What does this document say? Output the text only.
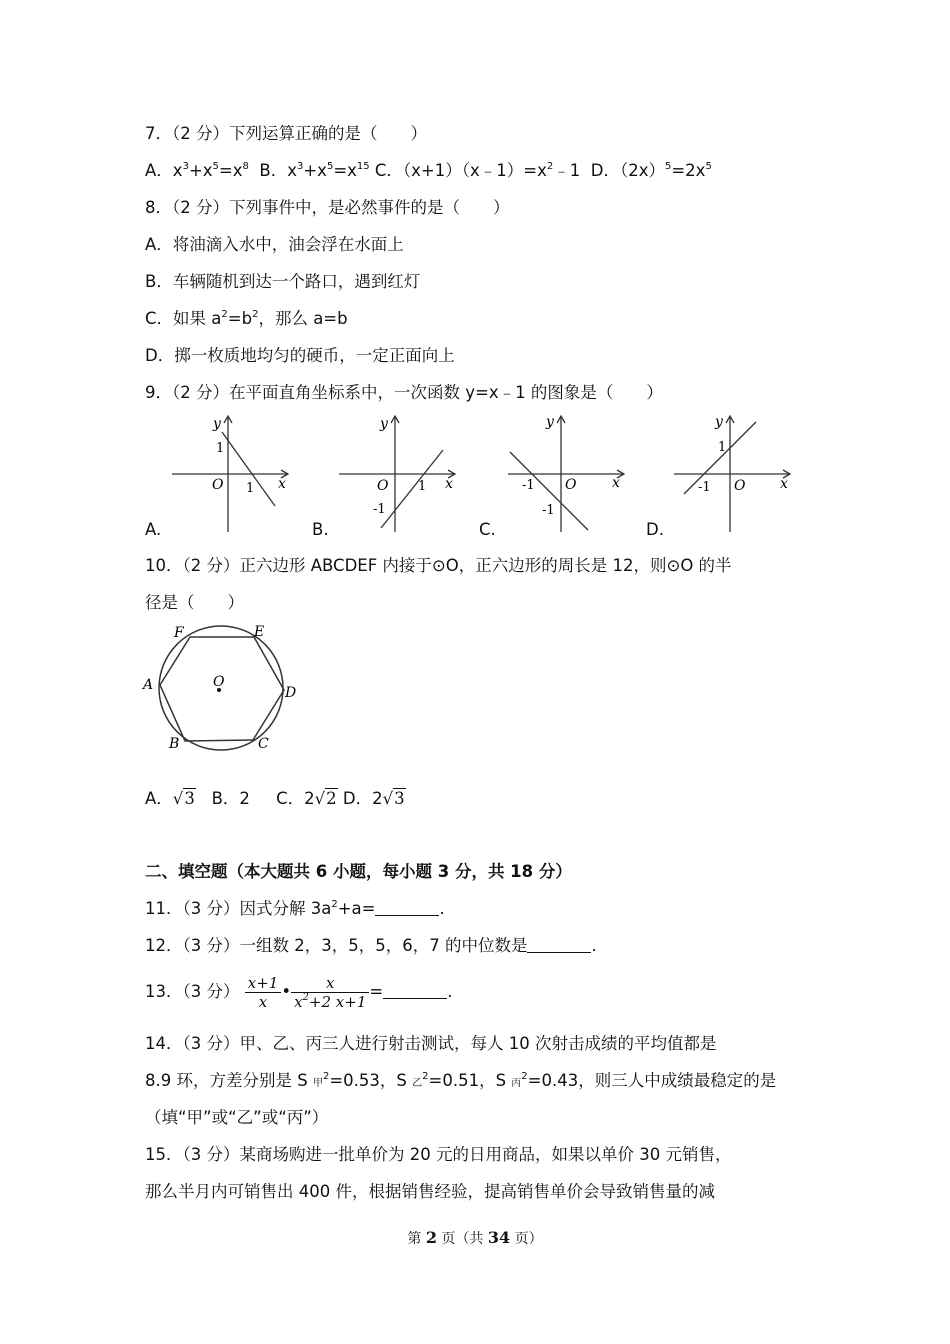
7．（2 分）下列运算正确的是（　　）
A．$x^3+x^5=x^8$ B．$x^3+x^5=x^{15}$ C．$(x+1)(x﹣1)=x^2﹣1$ D．$(2x)^5=2x^5$
8．（2 分）下列事件中，是必然事件的是（　　）
A．将油滴入水中，油会浮在水面上
B．车辆随机到达一个路口，遇到红灯
C．如果 $a^2=b^2$，那么 a=b
D．掷一枚质地均匀的硬币，一定正面向上
9．（2 分）在平面直角坐标系中，一次函数 y=x﹣1 的图象是（　　）
y
x
O
1
1
A.
y
x
O
-1
1
B.
y
x
O
-1
-1
C.
y
x
O
1
-1
D.
10．（2 分）正六边形 ABCDEF 内接于⊙O，正六边形的周长是 12，则⊙O 的半
径是（　　）
F	E
A	D
B	C
O
A．√3 B．2 C．2√2 D．2√3
二、填空题（本大题共 6 小题，每小题 3 分，共 18 分）
11．（3 分）因式分解 $3a^2+a=$	.
12．（3 分）一组数 2，3，5，5，6，7 的中位数是	.
13．（3 分） $\frac{x+1}{x}$ • $\frac{x}{x^2+2 x+1}$ =	.
14．（3 分）甲、乙、丙三人进行射击测试，每人 10 次射击成绩的平均值都是
8.9 环，方差分别是 S 甲$^2$=0.53，S 乙$^2$=0.51，S 丙$^2$=0.43，则三人中成绩最稳定的是
（填“甲”或“乙”或“丙”）
15．（3 分）某商场购进一批单价为 20 元的日用商品，如果以单价 30 元销售，
那么半月内可销售出 400 件，根据销售经验，提高销售单价会导致销售量的减
第 2 页（共 34 页）
